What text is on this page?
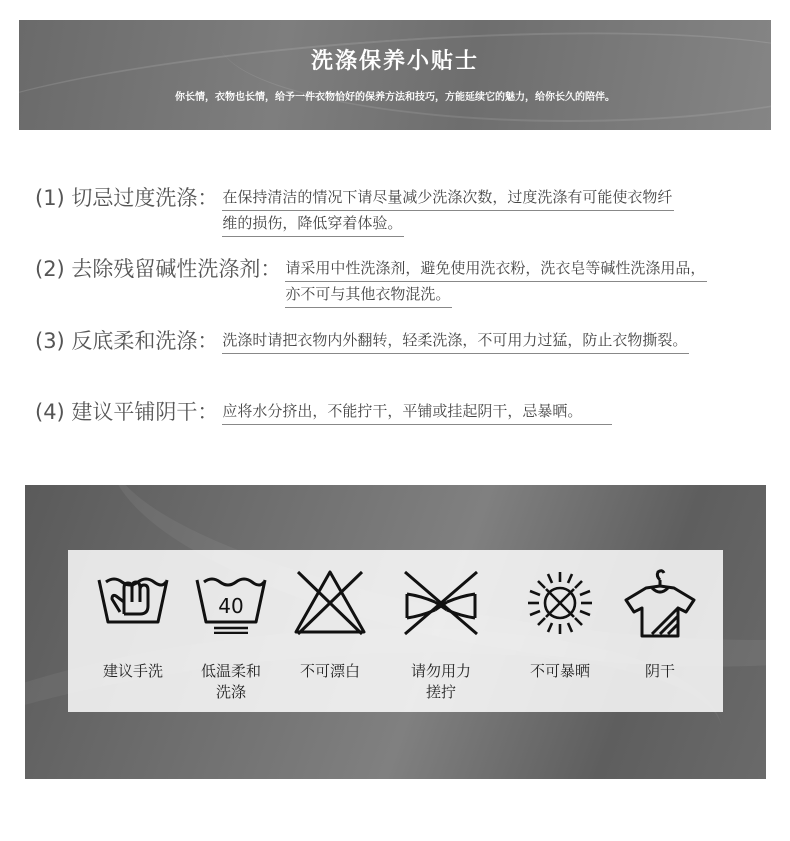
洗涤保养小贴士
你长情，衣物也长情，给予一件衣物恰好的保养方法和技巧，方能延续它的魅力，给你长久的陪伴。
(1) 切忌过度洗涤： 在保持清洁的情况下请尽量减少洗涤次数，过度洗涤有可能使衣物纤
维的损伤，降低穿着体验。
(2) 去除残留碱性洗涤剂： 请采用中性洗涤剂，避免使用洗衣粉，洗衣皂等碱性洗涤用品，
亦不可与其他衣物混洗。
(3) 反底柔和洗涤： 洗涤时请把衣物内外翻转，轻柔洗涤，不可用力过猛，防止衣物撕裂。
(4) 建议平铺阴干： 应将水分挤出，不能拧干，平铺或挂起阴干，忌暴晒。
建议手洗
40
低温柔和
洗涤
不可漂白	请勿用力
搓拧
不可暴晒	阴干
